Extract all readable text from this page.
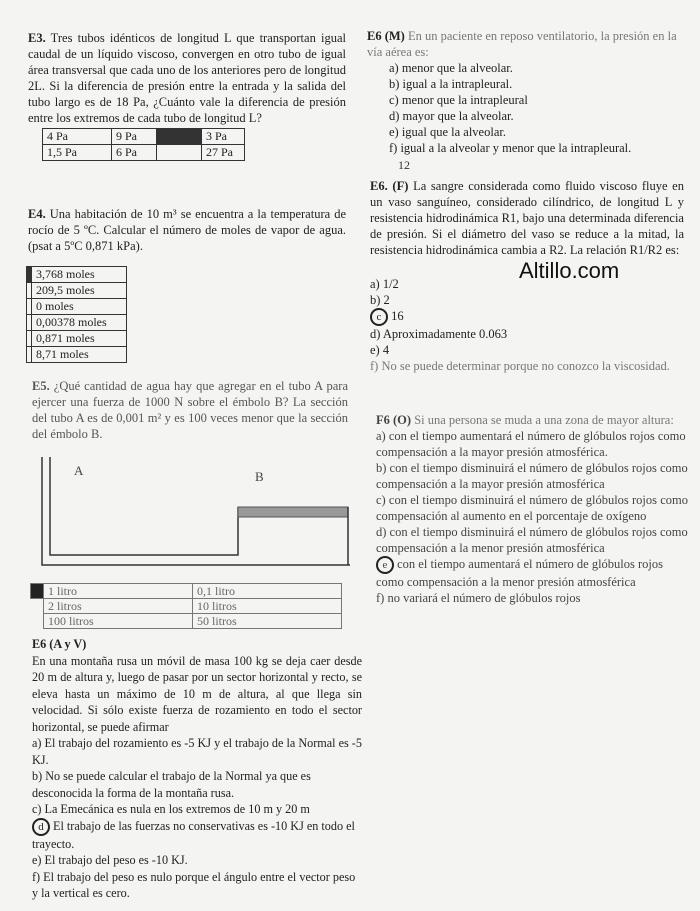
E3. Tres tubos idénticos de longitud L que transportan igual caudal de un líquido viscoso, convergen en otro tubo de igual área transversal que cada uno de los anteriores pero de longitud 2L. Si la diferencia de presión entre la entrada y la salida del tubo largo es de 18 Pa, ¿Cuánto vale la diferencia de presión entre los extremos de cada tubo de longitud L?

4 Pa	9 Pa		3 Pa
1,5 Pa	6 Pa		27 Pa

E4. Una habitación de 10 m³ se encuentra a la temperatura de rocío de 5 ºC. Calcular el número de moles de vapor de agua. (psat a 5ºC 0,871 kPa).

	3,768 moles
	209,5 moles
	0 moles
	0,00378 moles
	0,871 moles
	8,71 moles

E5. ¿Qué cantidad de agua hay que agregar en el tubo A para ejercer una fuerza de 1000 N sobre el émbolo B? La sección del tubo A es de 0,001 m² y es 100 veces menor que la sección del émbolo B.

A	B
	1 litro	0,1 litro
	2 litros	10 litros
	100 litros	50 litros

E6 (A y V)

En una montaña rusa un móvil de masa 100 kg se deja caer desde 20 m de altura y, luego de pasar por un sector horizontal y recto, se eleva hasta un máximo de 10 m de altura, al que llega sin velocidad. Si sólo existe fuerza de rozamiento en todo el sector horizontal, se puede afirmar

a) El trabajo del rozamiento es -5 KJ y el trabajo de la Normal es -5 KJ.
b) No se puede calcular el trabajo de la Normal ya que es desconocida la forma de la montaña rusa.
c) La Emecánica es nula en los extremos de 10 m y 20 m
d El trabajo de las fuerzas no conservativas es -10 KJ en todo el trayecto.
e) El trabajo del peso es -10 KJ.
f) El trabajo del peso es nulo porque el ángulo entre el vector peso y la vertical es cero.

E6 (M) En un paciente en reposo ventilatorio, la presión en la vía aérea es:

a) menor que la alveolar.
b) igual a la intrapleural.
c) menor que la intrapleural
d) mayor que la alveolar.
e) igual que la alveolar.
f) igual a la alveolar y menor que la intrapleural.
12

E6. (F) La sangre considerada como fluido viscoso fluye en un vaso sanguíneo, considerado cilíndrico, de longitud L y resistencia hidrodinámica R1, bajo una determinada diferencia de presión. Si el diámetro del vaso se reduce a la mitad, la resistencia hidrodinámica cambia a R2. La relación R1/R2 es:

a) 1/2
b) 2
c 16
d) Aproximadamente 0.063
e) 4
f) No se puede determinar porque no conozco la viscosidad.
Altillo.com

F6 (O) Si una persona se muda a una zona de mayor altura:

a) con el tiempo aumentará el número de glóbulos rojos como compensación a la mayor presión atmosférica.
b) con el tiempo disminuirá el número de glóbulos rojos como compensación a la mayor presión atmosférica
c) con el tiempo disminuirá el número de glóbulos rojos como compensación al aumento en el porcentaje de oxígeno
d) con el tiempo disminuirá el número de glóbulos rojos como compensación a la menor presión atmosférica
e con el tiempo aumentará el número de glóbulos rojos como compensación a la menor presión atmosférica
f) no variará el número de glóbulos rojos
